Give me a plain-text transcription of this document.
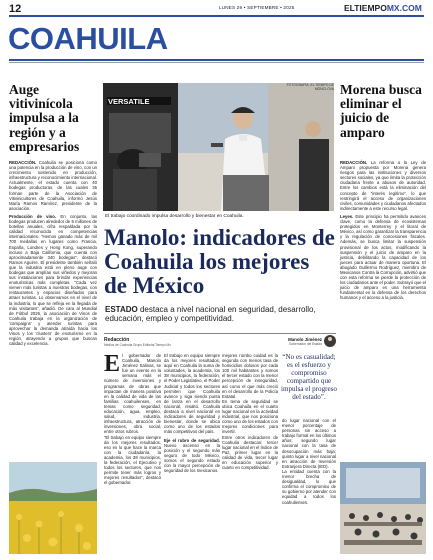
12	LUNES 29 • SEPTIEMBRE • 2025	ELTIEMPOMX.COM
COAHUILA
Auge vitivinícola impulsa a la región y a empresarios

REDACCIÓN. Coahuila se posiciona como una potencia en la producción de vino, con un crecimiento sostenido en producción, infraestructura y reconocimiento internacional. Actualmente, el estado cuenta con 40 bodegas productoras, de las cuales 35 forman parte de la Asociación de Vitivinicultores de Coahuila, informó Jesús María Ramos Ramírez, presidente de la asociación.

Producción de vino. En conjunto, las bodegas producen alrededor de 5 millones de botellas anuales, cifra respaldada por la calidad reconocida en competencias internacionales. “Hemos ganado más de mil 700 medallas en lugares como Francia, España, Londres y Hong Kong, superando incluso a Baja California, que cuenta con aproximadamente 340 bodegas”, destacó Ramos Aguirre. El presidente también señaló que la industria está en pleno auge con bodegas que amplían sus viñedos y mejoran sus instalaciones para brindar experiencias enoturísticas más completas. “Cada vez vienen más turistas a nuestras bodegas, con restaurantes y espacios diseñados para atraer turistas. Lo observamos en el nivel de la industria, lo que se refleja en la llegada de más visitantes”, añadió. De cara al Mundial de Fútbol 2026, la asociación de Vinos de Coahuila trabaja en la organización de ‘campaigns’ y atender turistas para aprovechar la demanda atraída hacia los Vinos y los ‘clusters’ de enoturismo en la región, atrayendo a grupos que buscan calidad y excelencia.

VERSATILE
FOTOGRAFÍA: EL TIEMPO DE MONCLOVA
El trabajo coordinado impulsa desarrollo y bienestar en Coahuila.
Manolo: indicadores de Coahuila los mejores de México
ESTADO destaca a nivel nacional en seguridad, desarrollo, educación, empleo y competitividad.
Redacción
Medios de Coahuila Grupo Editorial Tiempo Mx
Manolo Jiménez
Gobernador del Estado
El gobernador de Coahuila, Manolo Jiménez Salinas, se fue un evento en la semana más el número de inversiones y programas de obras que impactan de manera positiva en la calidad de vida de las familias coahuilenses, en temas como seguridad, educación, agua, empleo, salud, industria, infraestructura, atracción de inversiones, obra social, entre otros rubros.
“El trabajo en equipo siempre da los mejores resultados, eso es lo que hace la marca con la ciudadanía, la academia, los 38 municipios, la federación, el Ejecutivo y todos los sectores, que nos permite tener más logros y mejores resultados”, destacó el gobernador.
El trabajo en equipo siempre da los mejores resultados, aquí en Coahuila la suma de voluntades, la academia, los 38 municipios, la federación, el Poder Legislativo, el Poder Judicial y todos los sectores permiten que Coahuila avance y siga siendo punta de lanza en el desarrollo nacional, resaltó. Coahuila destaca a nivel nacional en indicadores de seguridad y bienestar, donde se ubica como uno de los estados más competitivos del país.

Eje el rubro de seguridad. Nuevo ascenso en la posición y el segundo más seguro de todo México, somos el segundo estado con la mayor percepción de seguridad de los mexicanos.

mejores rumbo cuidad es la segunda con menos tasa de homicidios dolosos por cada 100 mil habitantes y somos el tercer estado con la menor percepción de inseguridad, así como el que más creció en el desarrollo de la Policía Estatal.
En tema de seguridad se ubica Coahuila en el cuarto lugar nacional en la actividad industrial, que nos posiciona como uno de los estados con mejores condiciones para invertir.
Entre otros indicadores de Coahuila destacan: tercer lugar nacional en el Índice de Paz, primer lugar en la calidad de vida, tercer lugar en educación superior y cuarto en competitividad.
“No es casualidad; es el esfuerzo y compromiso compartido que impulsa el progreso del estado”.
do lugar nacional con el menor porcentaje de personas sin acceso a trabajo formal en los últimos años; segundo lugar nacional con la tasa de desocupación más baja; quinto lugar a nivel nacional en atracción de Inversión Extranjera Directa (IED).
La entidad cuenta con la menor brecha de desigualdad, lo que confirma el compromiso de su gobierno por atender con equidad a todos los coahuilenses.
Morena busca eliminar el juicio de amparo

REDACCIÓN. La reforma a la Ley de Amparo propuesta por Morena genera riesgos para las instituciones y diversos sectores sociales, ya que limita la protección ciudadana frente a abusos de autoridad. Entre los cambios está la eliminación del concepto de “interés legítimo”, lo que restringirá el acceso de organizaciones civiles, comunidades y ciudadanos afectados indirectamente a este recurso legal.

Leyes. Este principio ha permitido avances clave, como la defensa de ecosistemas protegidos en Monterrey y el litoral de México, así como garantizar la transparencia y la regulación de concesiones fiscales. Además, se busca limitar la suspensión provisional de los actos, modificando la suspensión y el juicio de amparo en la justicia, debilitando la capacidad de los jueces para actuar de manera oportuna. El abogado Guillermo Rodríguez, miembro de Mexicanos Contra la Corrupción, advirtió que con esta reforma se pierde la protección de los ciudadanos ante el poder. Subrayó que el juicio de amparo es una herramienta fundamental en la defensa de los derechos humanos y el acceso a la justicia.
